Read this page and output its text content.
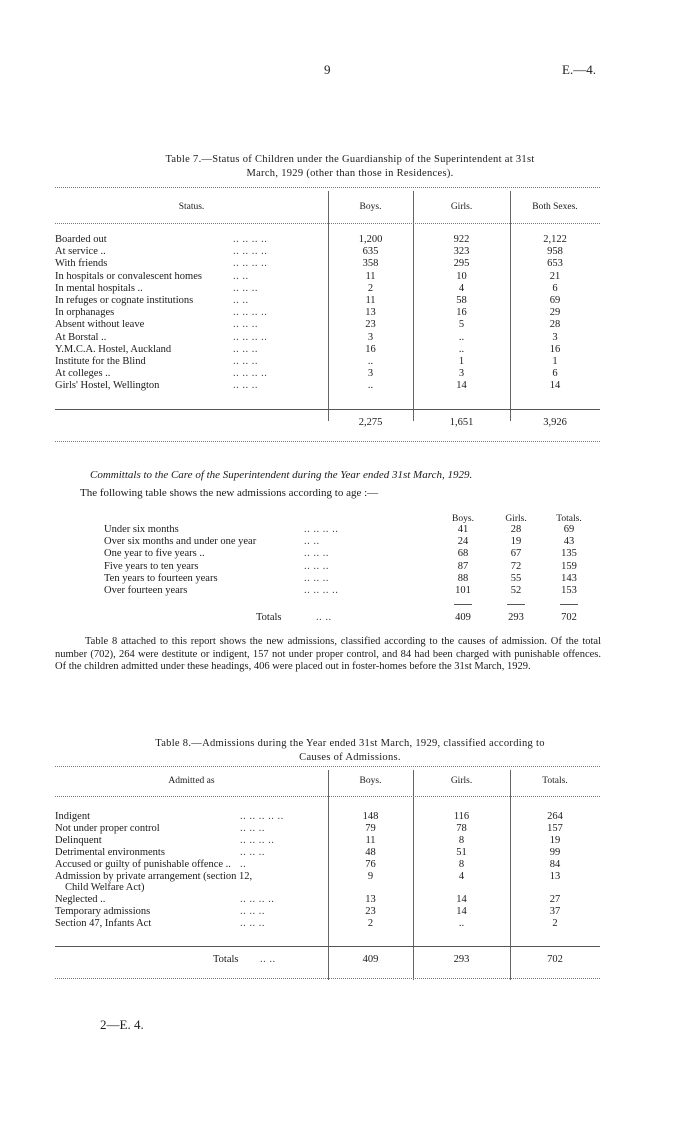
9	E.—4.
Table 7.—Status of Children under the Guardianship of the Superintendent at 31st
March, 1929 (other than those in Residences).
Status.	Boys.	Girls.	Both Sexes.
Boarded out	.. .. .. ..	1,200	922	2,122
At service ..	.. .. .. ..	635	323	958
With friends	.. .. .. ..	358	295	653
In hospitals or convalescent homes	.. ..	11	10	21
In mental hospitals ..	.. .. ..	2	4	6
In refuges or cognate institutions	.. ..	11	58	69
In orphanages	.. .. .. ..	13	16	29
Absent without leave	.. .. ..	23	5	28
At Borstal ..	.. .. .. ..	3	..	3
Y.M.C.A. Hostel, Auckland	.. .. ..	16	..	16
Institute for the Blind	.. .. ..	..	1	1
At colleges ..	.. .. .. ..	3	3	6
Girls' Hostel, Wellington	.. .. ..	..	14	14
2,275	1,651	3,926
Committals to the Care of the Superintendent during the Year ended 31st March, 1929.
The following table shows the new admissions according to age :—
Boys.	Girls.	Totals.
Under six months	.. .. .. ..	41	28	69
Over six months and under one year	.. ..	24	19	43
One year to five years ..	.. .. ..	68	67	135
Five years to ten years	.. .. ..	87	72	159
Ten years to fourteen years	.. .. ..	88	55	143
Over fourteen years	.. .. .. ..	101	52	153
Totals	.. ..	409	293	702
Table 8 attached to this report shows the new admissions, classified according to the causes of admission. Of the total number (702), 264 were destitute or indigent, 157 not under proper control, and 84 had been charged with punishable offences. Of the children admitted under these headings, 406 were placed out in foster-homes before the 31st March, 1929.
Table 8.—Admissions during the Year ended 31st March, 1929, classified according to
Causes of Admissions.
Admitted as	Boys.	Girls.	Totals.
Indigent	.. .. .. .. ..	148	116	264
Not under proper control	.. .. ..	79	78	157
Delinquent	.. .. .. ..	11	8	19
Detrimental environments	.. .. ..	48	51	99
Accused or guilty of punishable offence .. ..	76	8	84
Admission by private arrangement (section 12,	9	4	13
Child Welfare Act)
Neglected ..	.. .. .. ..	13	14	27
Temporary admissions	.. .. ..	23	14	37
Section 47, Infants Act	.. .. ..	2	..	2
Totals .. ..	409	293	702
2—E. 4.
